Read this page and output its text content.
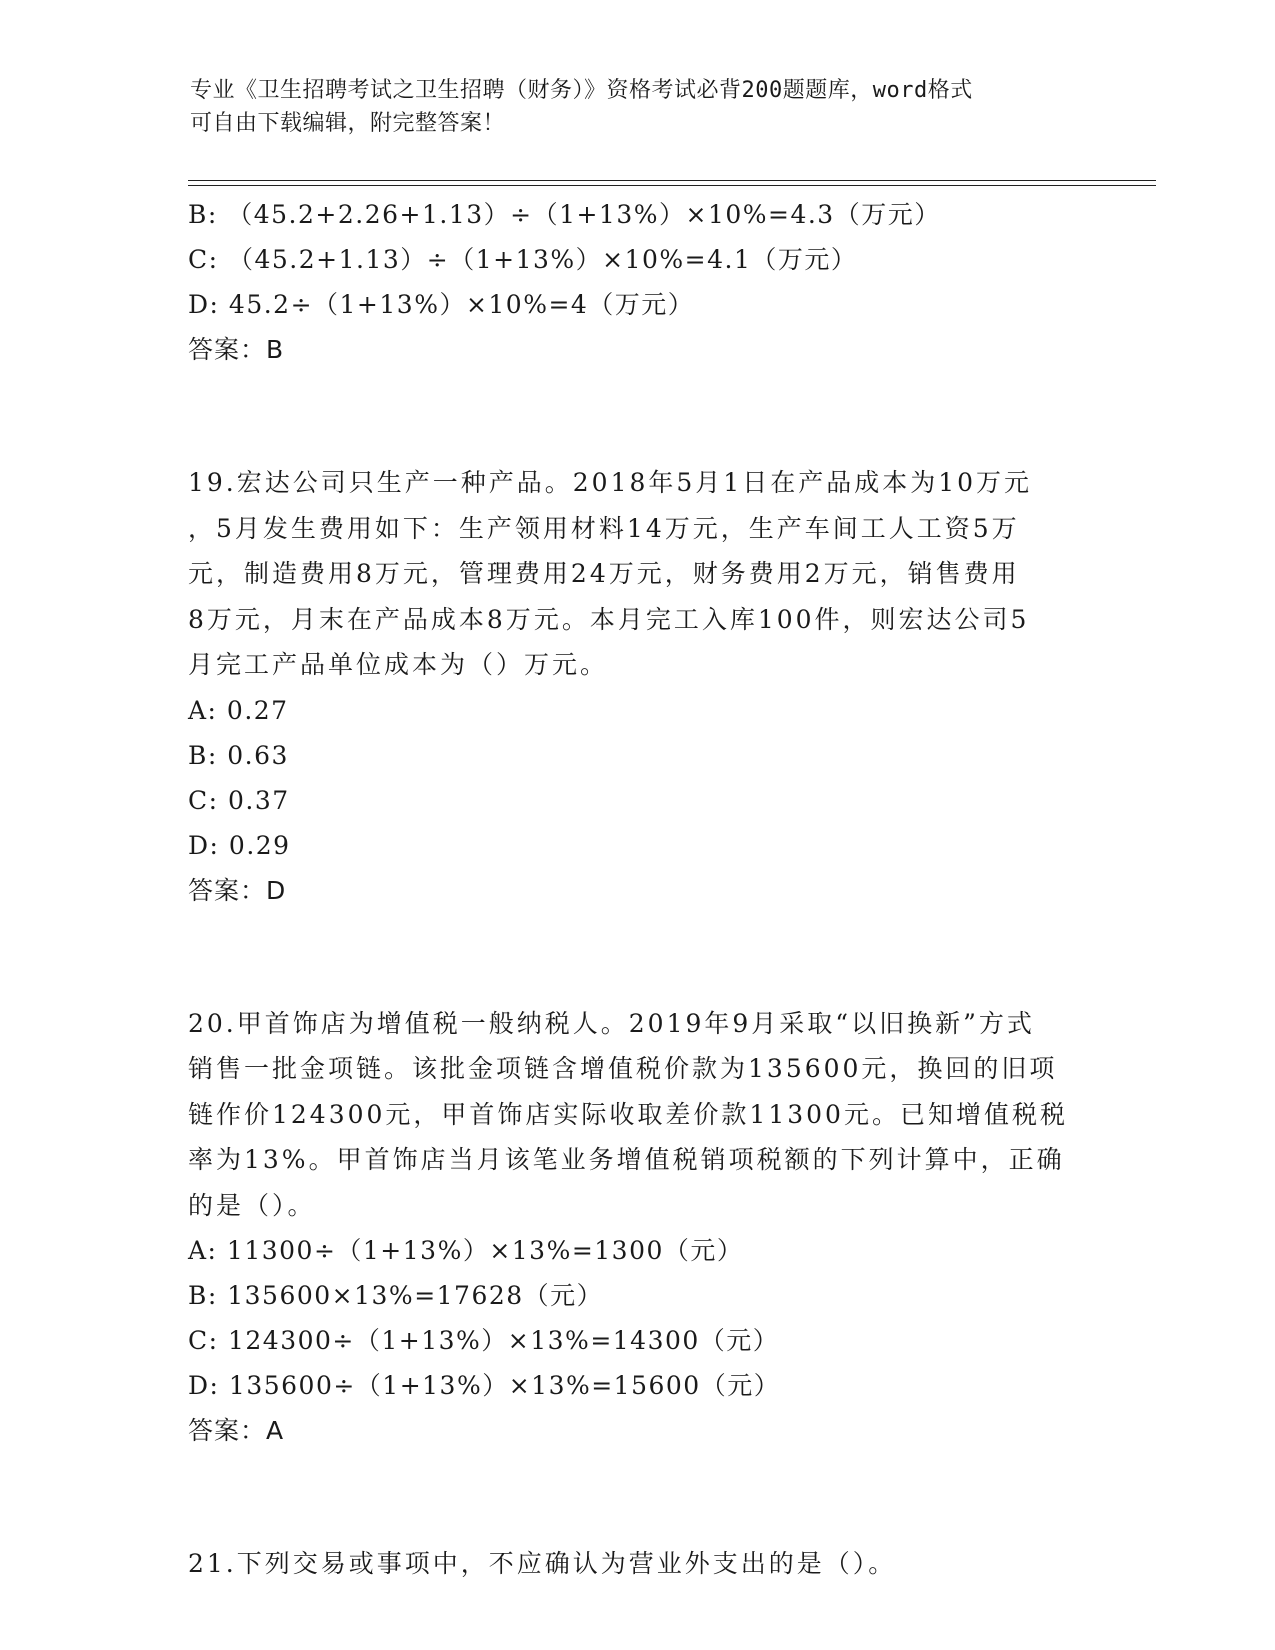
专业《卫生招聘考试之卫生招聘（财务）》资格考试必背200题题库，word格式
可自由下载编辑，附完整答案！
B: （45.2+2.26+1.13）÷（1+13%）×10%=4.3（万元）
C: （45.2+1.13）÷（1+13%）×10%=4.1（万元）
D: 45.2÷（1+13%）×10%=4（万元）
答案：B
19.宏达公司只生产一种产品。2018年5月1日在产品成本为10万元
，5月发生费用如下：生产领用材料14万元，生产车间工人工资5万
元，制造费用8万元，管理费用24万元，财务费用2万元，销售费用
8万元，月末在产品成本8万元。本月完工入库100件，则宏达公司5
月完工产品单位成本为（）万元。
A: 0.27
B: 0.63
C: 0.37
D: 0.29
答案：D
20.甲首饰店为增值税一般纳税人。2019年9月采取“以旧换新”方式
销售一批金项链。该批金项链含增值税价款为135600元，换回的旧项
链作价124300元，甲首饰店实际收取差价款11300元。已知增值税税
率为13%。甲首饰店当月该笔业务增值税销项税额的下列计算中，正确
的是（）。
A: 11300÷（1+13%）×13%=1300（元）
B: 135600×13%=17628（元）
C: 124300÷（1+13%）×13%=14300（元）
D: 135600÷（1+13%）×13%=15600（元）
答案：A
21.下列交易或事项中，不应确认为营业外支出的是（）。
